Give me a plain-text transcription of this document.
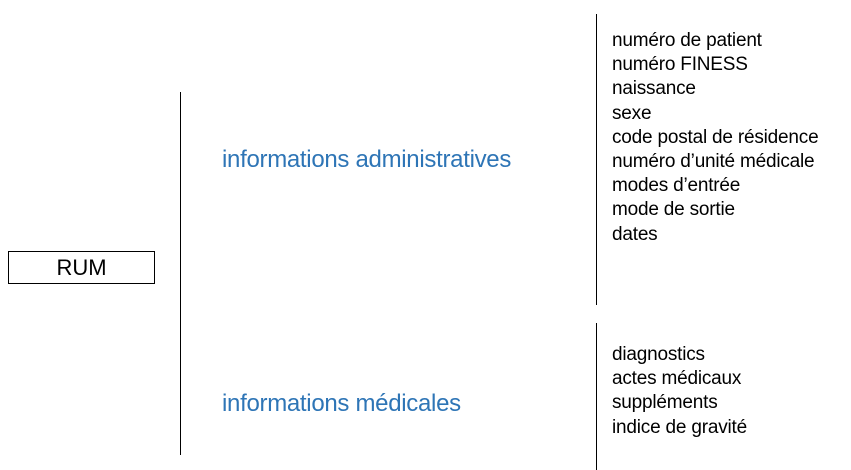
RUM
informations administratives
numéro de patient
numéro FINESS
naissance
sexe
code postal de résidence
numéro d’unité médicale
modes d’entrée
mode de sortie
dates
informations médicales
diagnostics
actes médicaux
suppléments
indice de gravité
